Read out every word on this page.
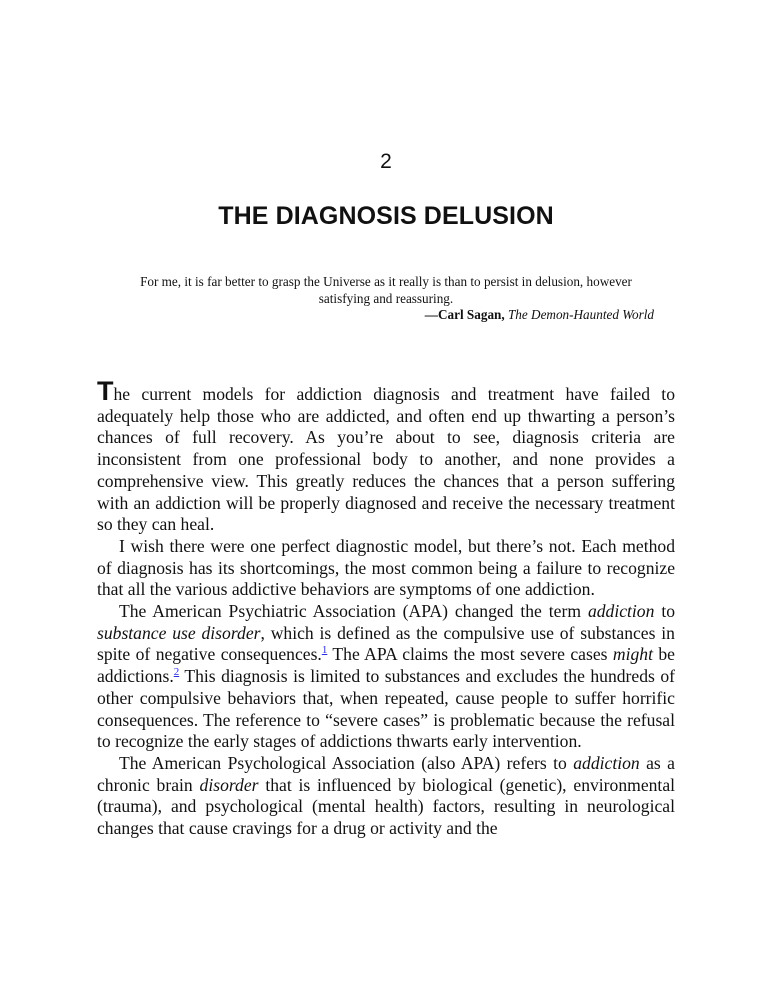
2
THE DIAGNOSIS DELUSION

For me, it is far better to grasp the Universe as it really is than to persist in delusion, however satisfying and reassuring.

—Carl Sagan, The Demon-Haunted World

The current models for addiction diagnosis and treatment have failed to adequately help those who are addicted, and often end up thwarting a person’s chances of full recovery. As you’re about to see, diagnosis criteria are inconsistent from one professional body to another, and none provides a comprehensive view. This greatly reduces the chances that a person suffering with an addiction will be properly diagnosed and receive the necessary treatment so they can heal.

I wish there were one perfect diagnostic model, but there’s not. Each method of diagnosis has its shortcomings, the most common being a failure to recognize that all the various addictive behaviors are symptoms of one addiction.

The American Psychiatric Association (APA) changed the term addiction to substance use disorder, which is defined as the compulsive use of substances in spite of negative consequences.$^1$ The APA claims the most severe cases might be addictions.$^2$ This diagnosis is limited to substances and excludes the hundreds of other compulsive behaviors that, when repeated, cause people to suffer horrific consequences. The reference to “severe cases” is problematic because the refusal to recognize the early stages of addictions thwarts early intervention.

The American Psychological Association (also APA) refers to addiction as a chronic brain disorder that is influenced by biological (genetic), environmental (trauma), and psychological (mental health) factors, resulting in neurological changes that cause cravings for a drug or activity and the
